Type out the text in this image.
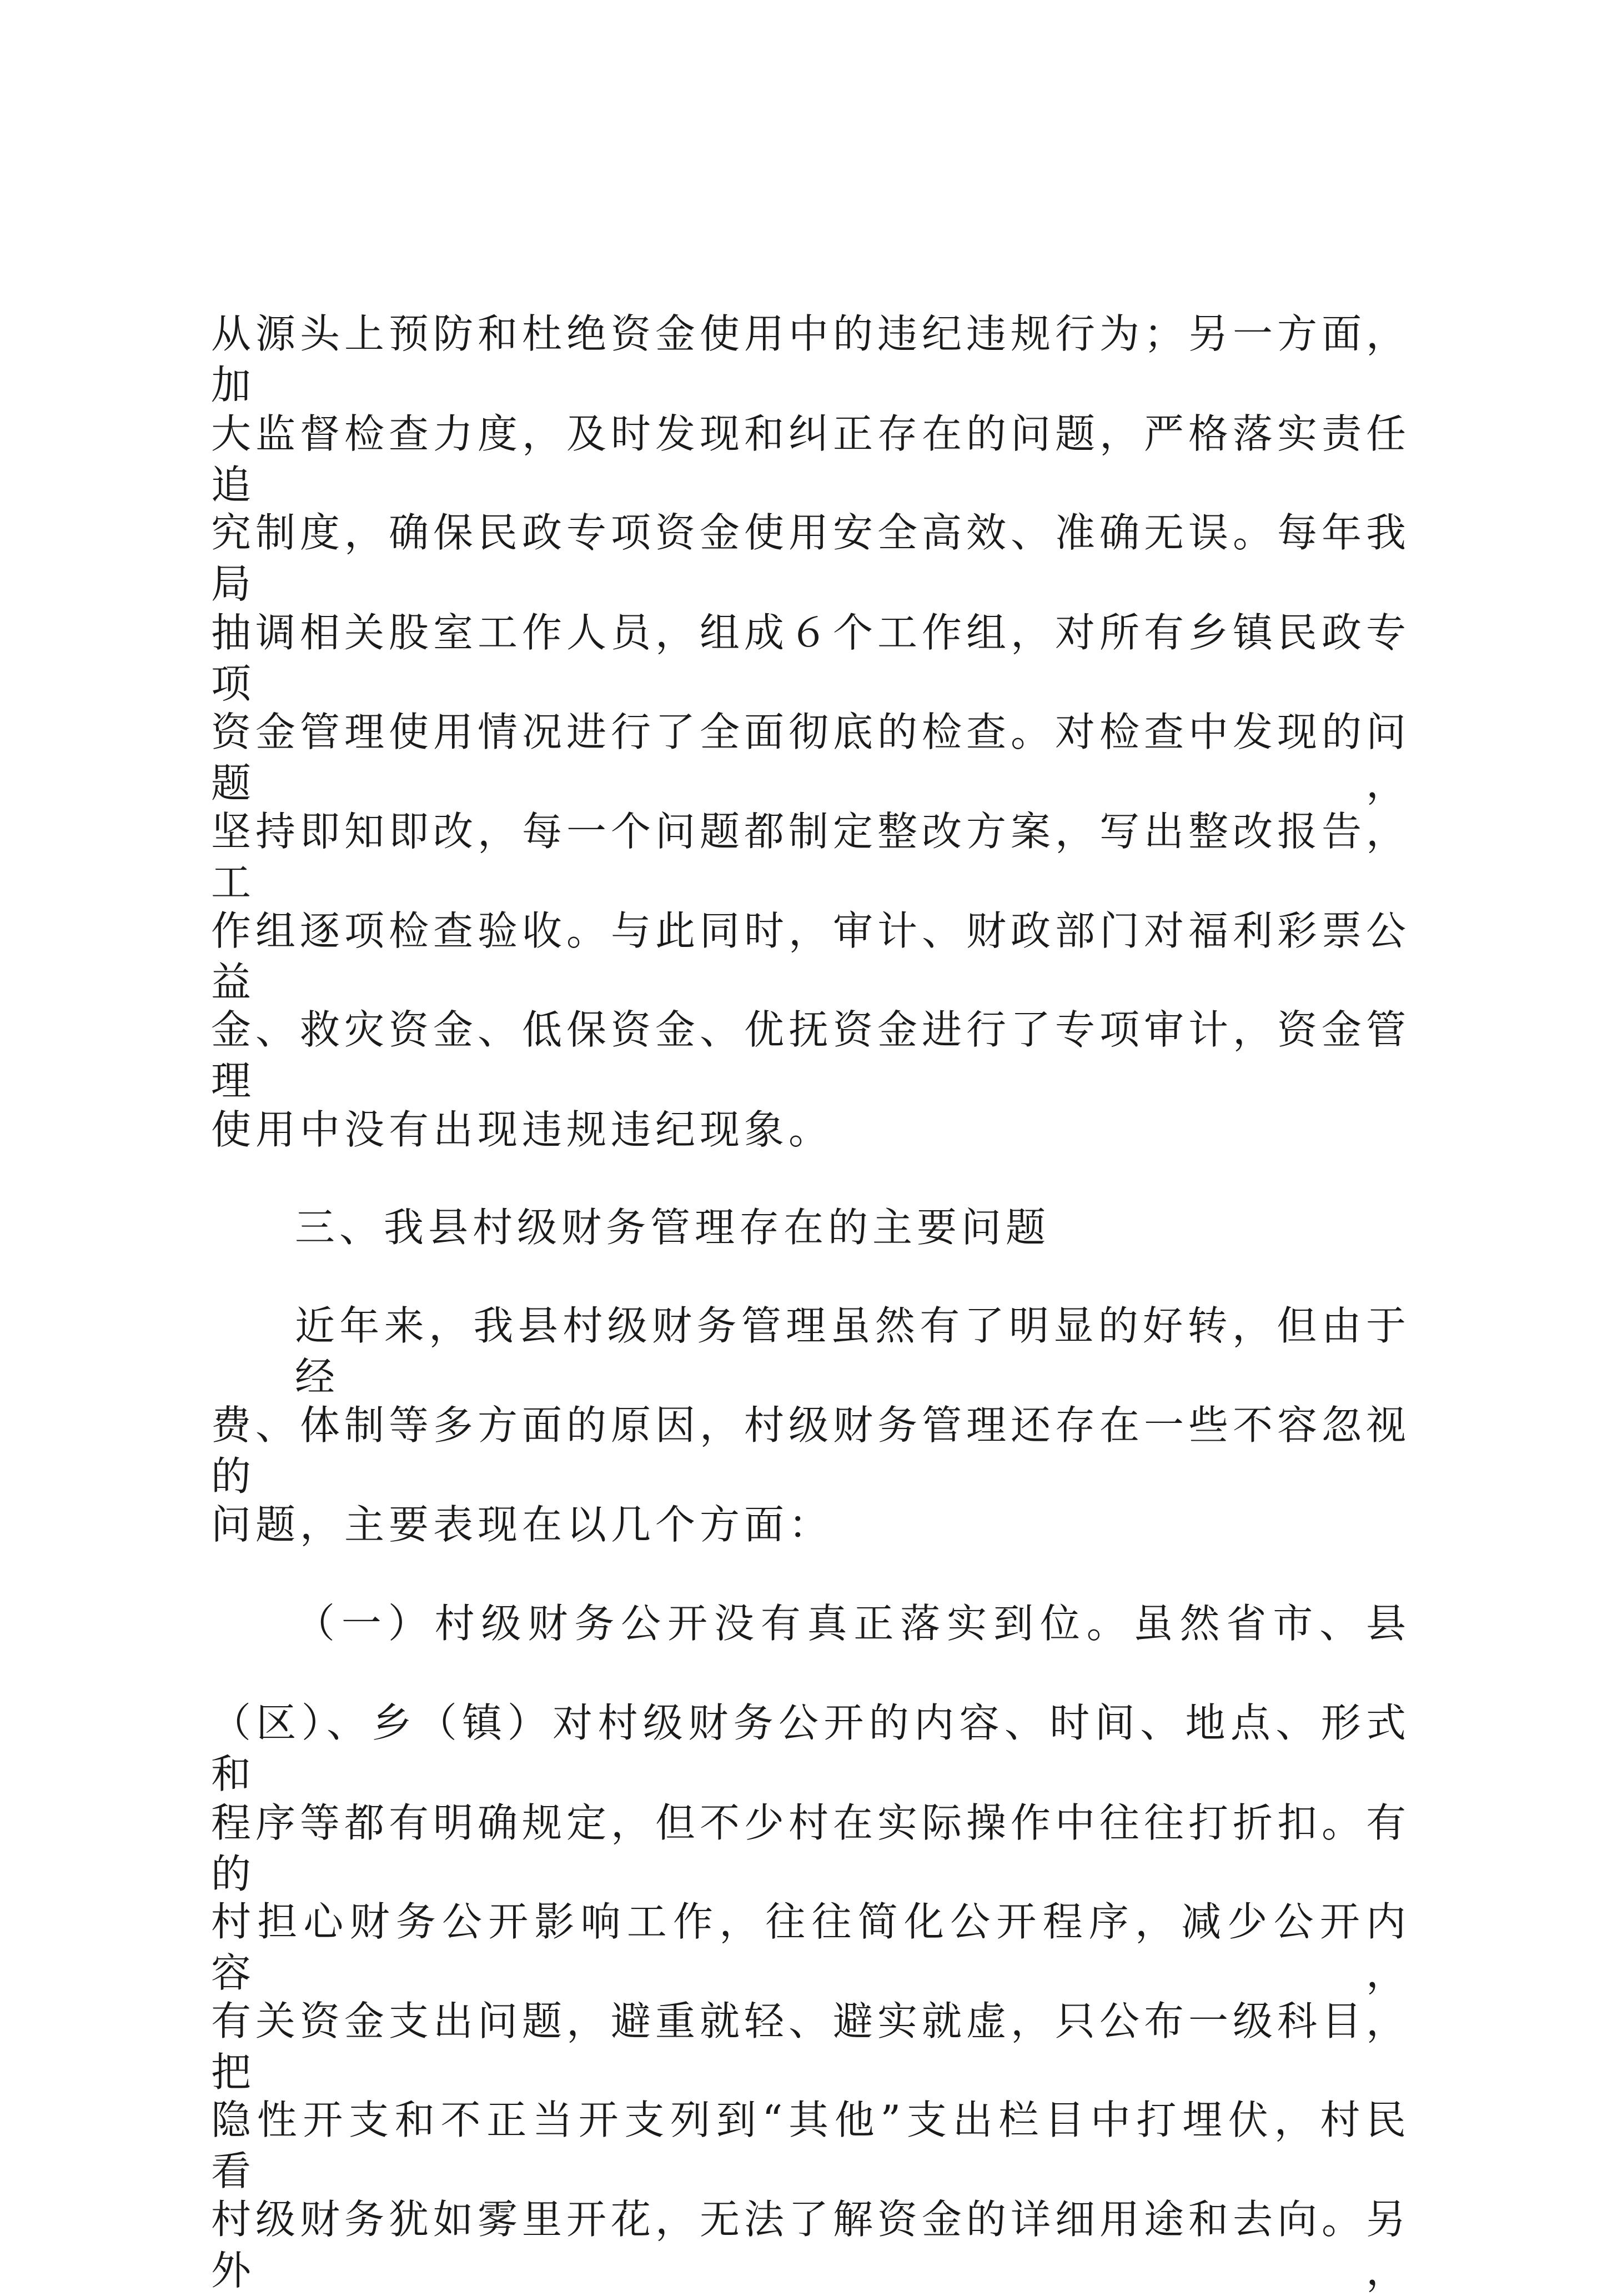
从源头上预防和杜绝资金使用中的违纪违规行为；另一方面，加

大监督检查力度，及时发现和纠正存在的问题，严格落实责任追

究制度，确保民政专项资金使用安全高效、准确无误。每年我局

抽调相关股室工作人员，组成６个工作组，对所有乡镇民政专项

资金管理使用情况进行了全面彻底的检查。对检查中发现的问题，

坚持即知即改，每一个问题都制定整改方案，写出整改报告，工

作组逐项检查验收。与此同时，审计、财政部门对福利彩票公益

金、救灾资金、低保资金、优抚资金进行了专项审计，资金管理

使用中没有出现违规违纪现象。

三、我县村级财务管理存在的主要问题

近年来，我县村级财务管理虽然有了明显的好转，但由于经

费、体制等多方面的原因，村级财务管理还存在一些不容忽视的

问题，主要表现在以几个方面：

（一）村级财务公开没有真正落实到位。虽然省市、县

（区）、乡（镇）对村级财务公开的内容、时间、地点、形式和

程序等都有明确规定，但不少村在实际操作中往往打折扣。有的

村担心财务公开影响工作，往往简化公开程序，减少公开内容，

有关资金支出问题，避重就轻、避实就虚，只公布一级科目，把

隐性开支和不正当开支列到“其他”支出栏目中打埋伏，村民看

村级财务犹如雾里开花，无法了解资金的详细用途和去向。另外，
